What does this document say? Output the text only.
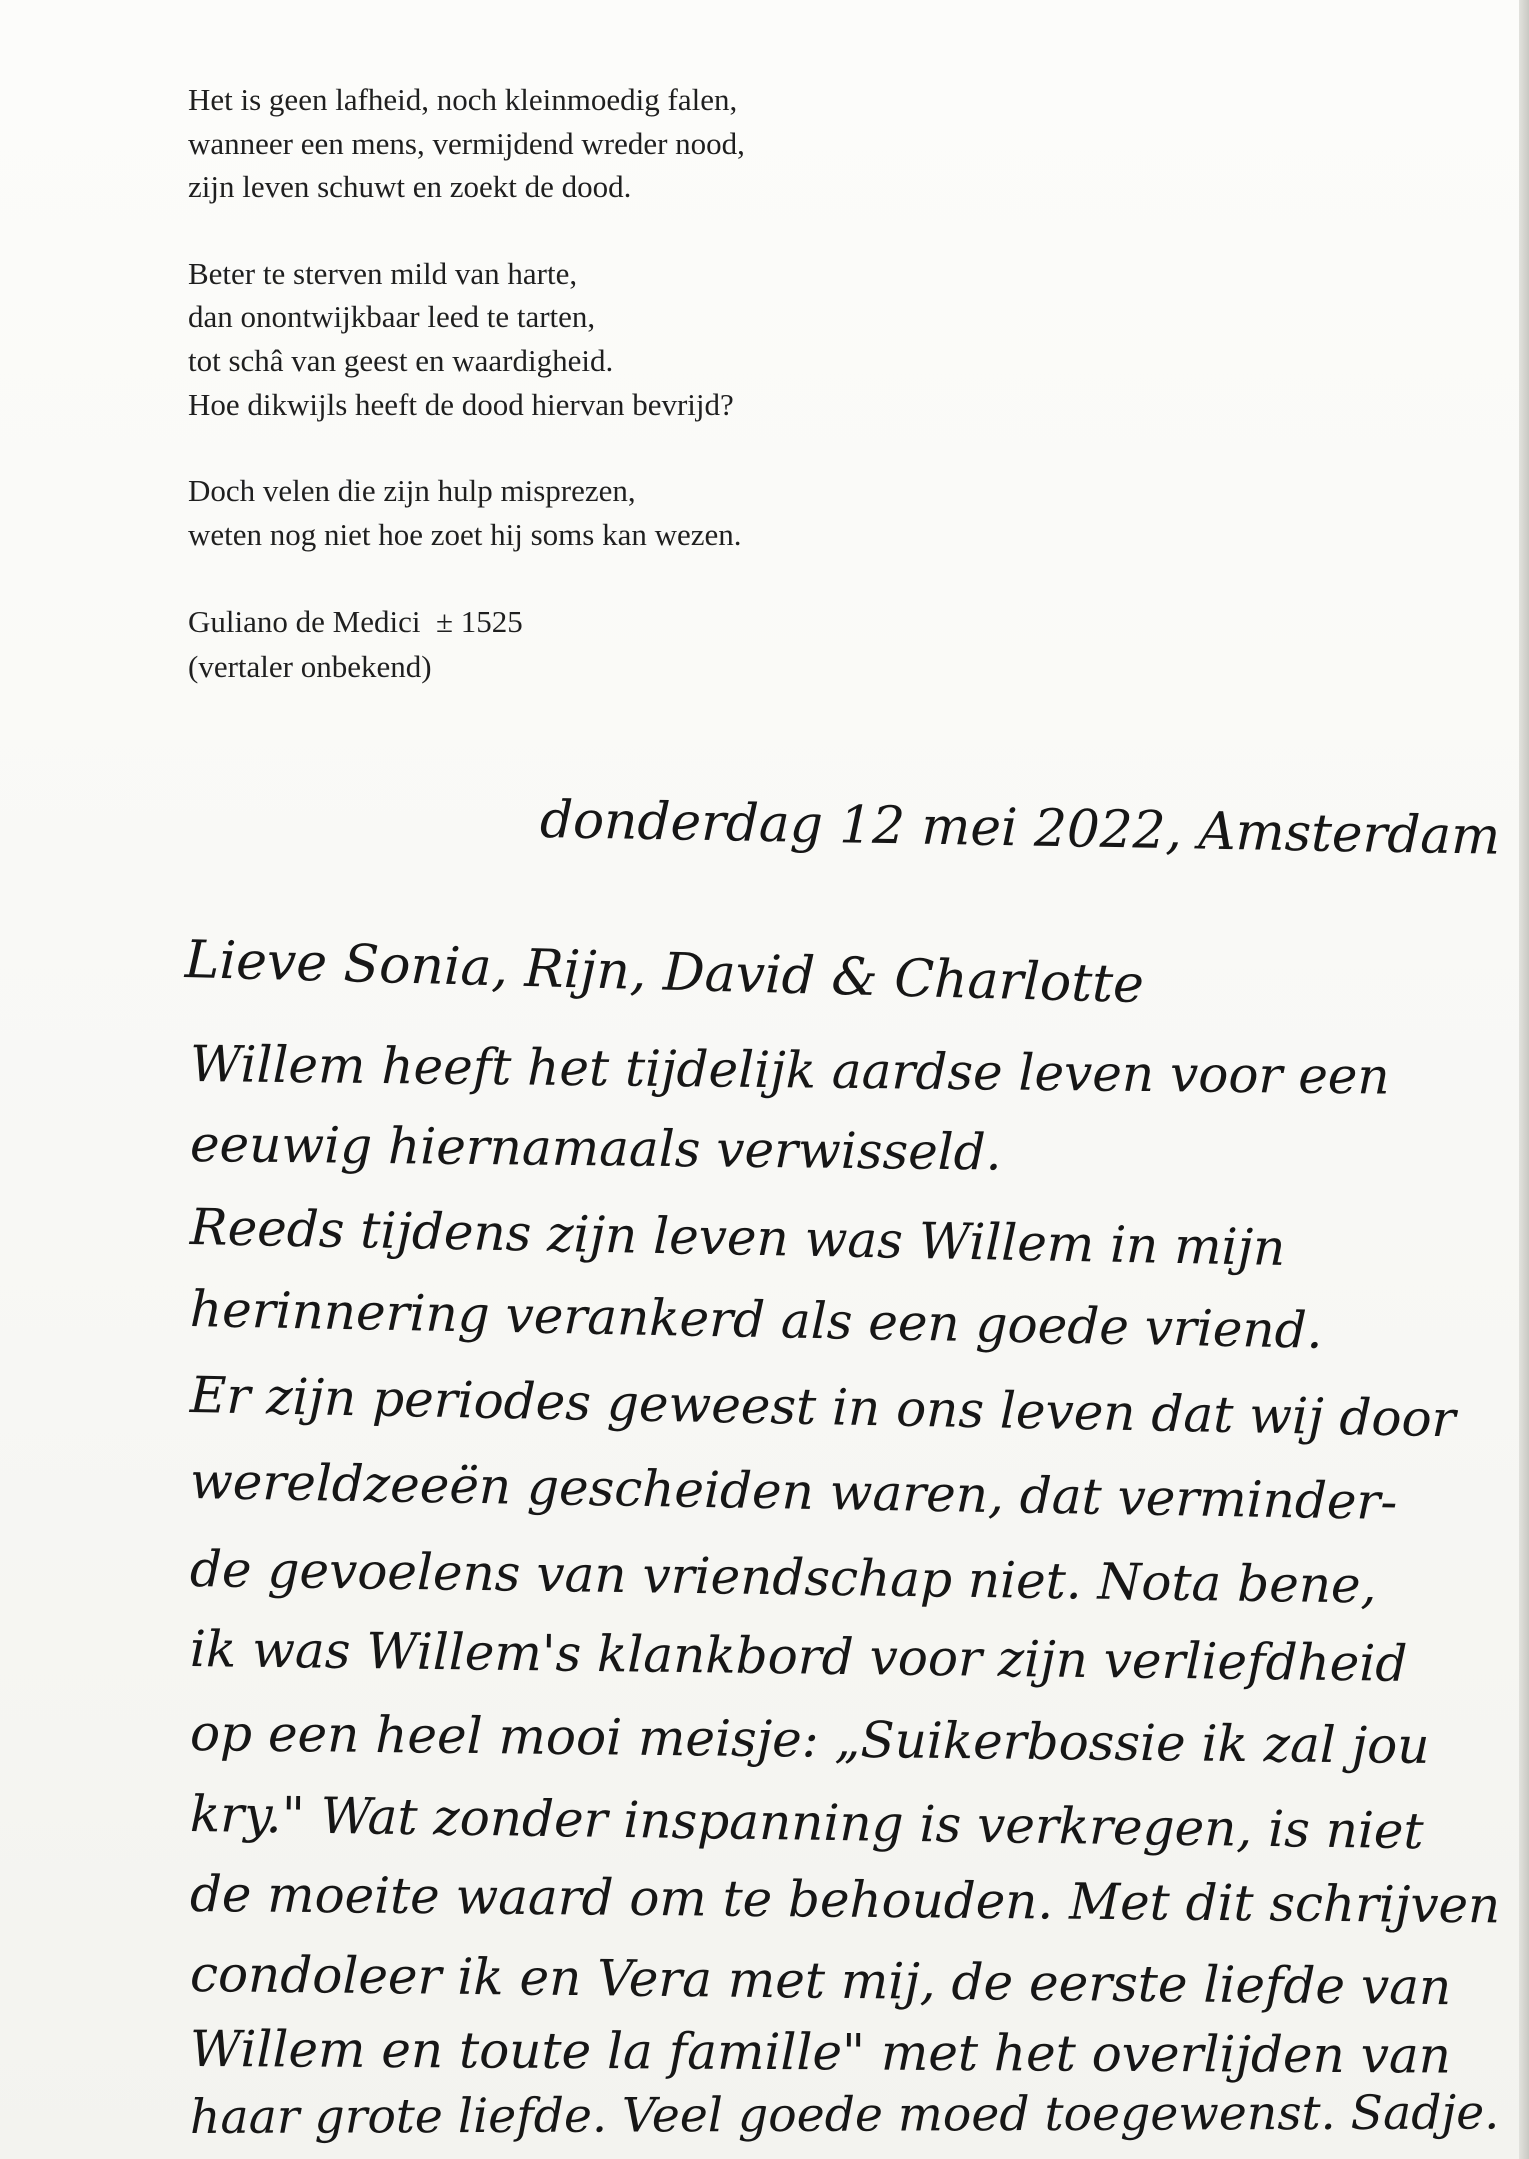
Het is geen lafheid, noch kleinmoedig falen,
wanneer een mens, vermijdend wreder nood,
zijn leven schuwt en zoekt de dood.
Beter te sterven mild van harte,
dan onontwijkbaar leed te tarten,
tot schâ van geest en waardigheid.
Hoe dikwijls heeft de dood hiervan bevrijd?
Doch velen die zijn hulp misprezen,
weten nog niet hoe zoet hij soms kan wezen.
Guliano de Medici  ± 1525
(vertaler onbekend)
donderdag 12 mei 2022, Amsterdam
Lieve Sonia, Rijn, David & Charlotte
Willem heeft het tijdelijk aardse leven voor een
eeuwig hiernamaals verwisseld.
Reeds tijdens zijn leven was Willem in mijn
herinnering verankerd als een goede vriend.
Er zijn periodes geweest in ons leven dat wij door
wereldzeeën gescheiden waren, dat verminder-
de gevoelens van vriendschap niet. Nota bene,
ik was Willem's klankbord voor zijn verliefdheid
op een heel mooi meisje: „Suikerbossie ik zal jou
kry." Wat zonder inspanning is verkregen, is niet
de moeite waard om te behouden. Met dit schrijven
condoleer ik en Vera met mij, de eerste liefde van
Willem en toute la famille" met het overlijden van
haar grote liefde. Veel goede moed toegewenst. Sadje.
